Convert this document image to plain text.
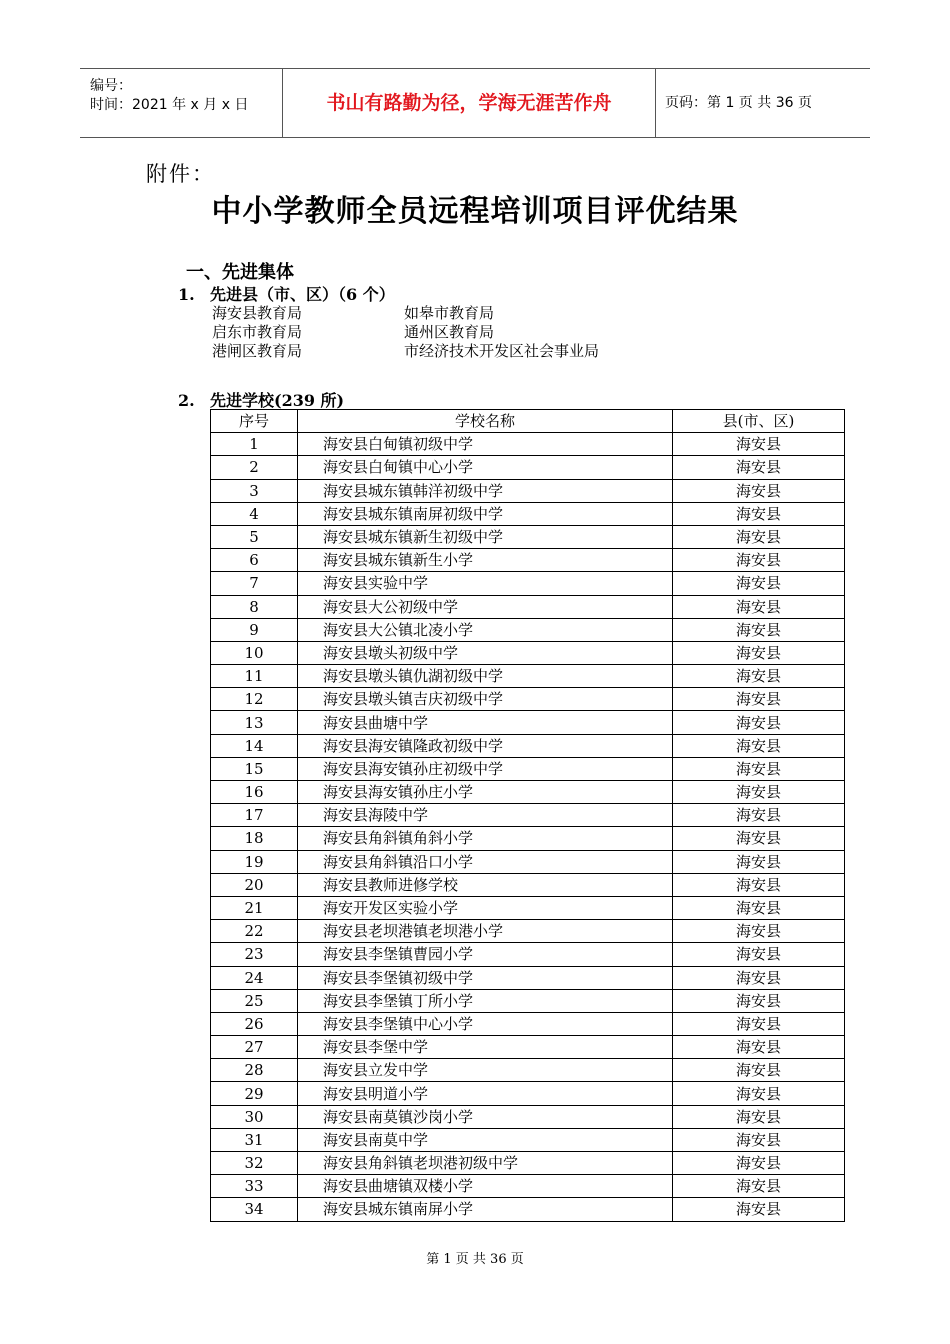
编号：
时间：2021 年 x 月 x 日	书山有路勤为径，学海无涯苦作舟	页码：第 1 页 共 36 页
附件：
中小学教师全员远程培训项目评优结果
一、先进集体
1. 先进县（市、区）（6 个）
海安县教育局	如皋市教育局
启东市教育局	通州区教育局
港闸区教育局	市经济技术开发区社会事业局
2. 先进学校(239 所)
序号	学校名称	县(市、区)
1	海安县白甸镇初级中学	海安县
2	海安县白甸镇中心小学	海安县
3	海安县城东镇韩洋初级中学	海安县
4	海安县城东镇南屏初级中学	海安县
5	海安县城东镇新生初级中学	海安县
6	海安县城东镇新生小学	海安县
7	海安县实验中学	海安县
8	海安县大公初级中学	海安县
9	海安县大公镇北凌小学	海安县
10	海安县墩头初级中学	海安县
11	海安县墩头镇仇湖初级中学	海安县
12	海安县墩头镇吉庆初级中学	海安县
13	海安县曲塘中学	海安县
14	海安县海安镇隆政初级中学	海安县
15	海安县海安镇孙庄初级中学	海安县
16	海安县海安镇孙庄小学	海安县
17	海安县海陵中学	海安县
18	海安县角斜镇角斜小学	海安县
19	海安县角斜镇沿口小学	海安县
20	海安县教师进修学校	海安县
21	海安开发区实验小学	海安县
22	海安县老坝港镇老坝港小学	海安县
23	海安县李堡镇曹园小学	海安县
24	海安县李堡镇初级中学	海安县
25	海安县李堡镇丁所小学	海安县
26	海安县李堡镇中心小学	海安县
27	海安县李堡中学	海安县
28	海安县立发中学	海安县
29	海安县明道小学	海安县
30	海安县南莫镇沙岗小学	海安县
31	海安县南莫中学	海安县
32	海安县角斜镇老坝港初级中学	海安县
33	海安县曲塘镇双楼小学	海安县
34	海安县城东镇南屏小学	海安县
第 1 页 共 36 页
